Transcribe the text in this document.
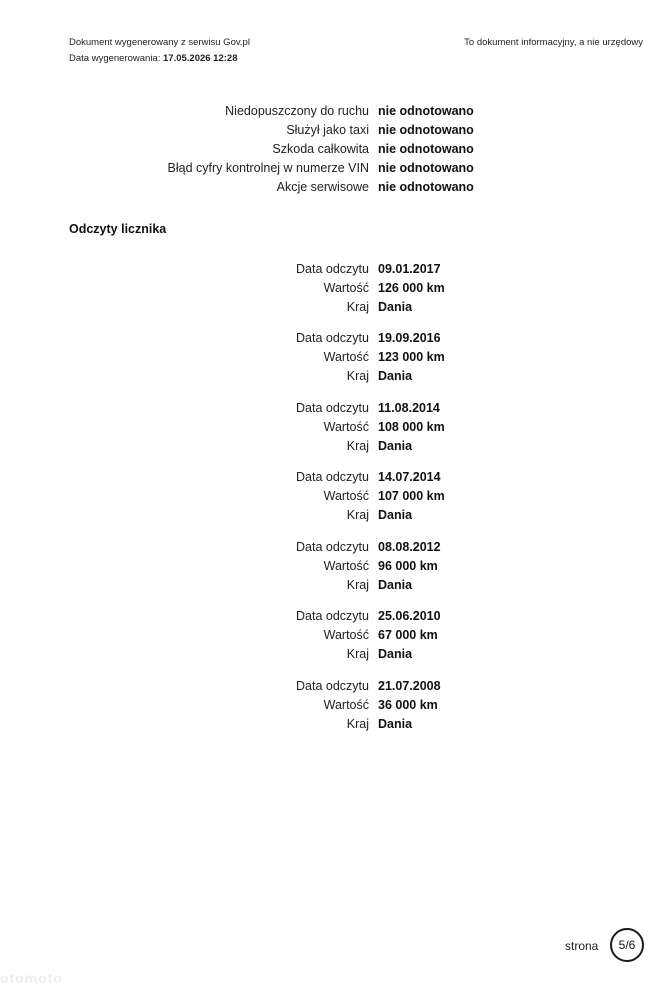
Dokument wygenerowany z serwisu Gov.pl
Data wygenerowania: 17.05.2026 12:28
To dokument informacyjny, a nie urzędowy
Niedopuszczony do ruchu nie odnotowano
Służył jako taxi nie odnotowano
Szkoda całkowita nie odnotowano
Błąd cyfry kontrolnej w numerze VIN nie odnotowano
Akcje serwisowe nie odnotowano
Odczyty licznika
Data odczytu 09.01.2017
Wartość 126 000 km
Kraj Dania
Data odczytu 19.09.2016
Wartość 123 000 km
Kraj Dania
Data odczytu 11.08.2014
Wartość 108 000 km
Kraj Dania
Data odczytu 14.07.2014
Wartość 107 000 km
Kraj Dania
Data odczytu 08.08.2012
Wartość 96 000 km
Kraj Dania
Data odczytu 25.06.2010
Wartość 67 000 km
Kraj Dania
Data odczytu 21.07.2008
Wartość 36 000 km
Kraj Dania
strona	5/6
otomoto
